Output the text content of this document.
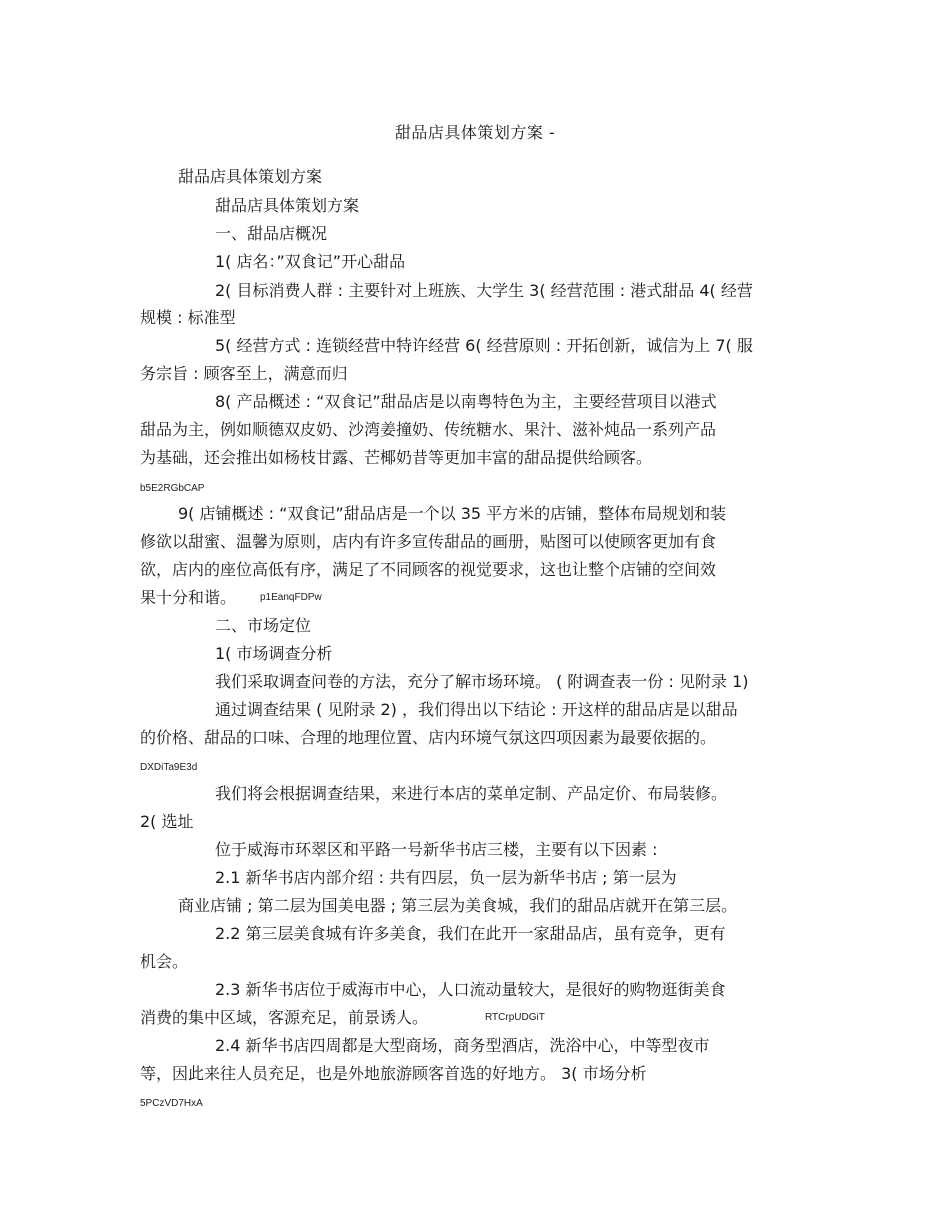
甜品店具体策划方案 -
甜品店具体策划方案
甜品店具体策划方案
一、甜品店概况
1( 店名：”双食记”开心甜品
2( 目标消费人群 : 主要针对上班族、大学生 3( 经营范围 : 港式甜品 4( 经营
规模 : 标准型
5( 经营方式 : 连锁经营中特许经营 6( 经营原则 : 开拓创新，诚信为上 7( 服
务宗旨 : 顾客至上，满意而归
8( 产品概述 : “双食记”甜品店是以南粤特色为主，主要经营项目以港式
甜品为主，例如顺德双皮奶、沙湾姜撞奶、传统糖水、果汁、滋补炖品一系列产品
为基础，还会推出如杨枝甘露、芒椰奶昔等更加丰富的甜品提供给顾客。
b5E2RGbCAP
9( 店铺概述 : “双食记”甜品店是一个以 35 平方米的店铺，整体布局规划和装
修欲以甜蜜、温馨为原则，店内有许多宣传甜品的画册，贴图可以使顾客更加有食
欲，店内的座位高低有序，满足了不同顾客的视觉要求，这也让整个店铺的空间效
果十分和谐。 p1EanqFDPw
二、市场定位
1( 市场调查分析
我们采取调查问卷的方法，充分了解市场环境。 ( 附调查表一份 : 见附录 1)
通过调查结果 ( 见附录 2) ，我们得出以下结论 : 开这样的甜品店是以甜品
的价格、甜品的口味、合理的地理位置、店内环境气氛这四项因素为最要依据的。
DXDiTa9E3d
我们将会根据调查结果，来进行本店的菜单定制、产品定价、布局装修。
2( 选址
位于威海市环翠区和平路一号新华书店三楼，主要有以下因素 :
2.1 新华书店内部介绍 : 共有四层，负一层为新华书店 ; 第一层为
商业店铺 ; 第二层为国美电器 ; 第三层为美食城，我们的甜品店就开在第三层。
2.2 第三层美食城有许多美食，我们在此开一家甜品店，虽有竞争，更有
机会。
2.3 新华书店位于威海市中心，人口流动量较大，是很好的购物逛街美食
消费的集中区域，客源充足，前景诱人。	RTCrpUDGiT
2.4 新华书店四周都是大型商场，商务型酒店，洗浴中心，中等型夜市
等，因此来往人员充足，也是外地旅游顾客首选的好地方。 3( 市场分析
5PCzVD7HxA
